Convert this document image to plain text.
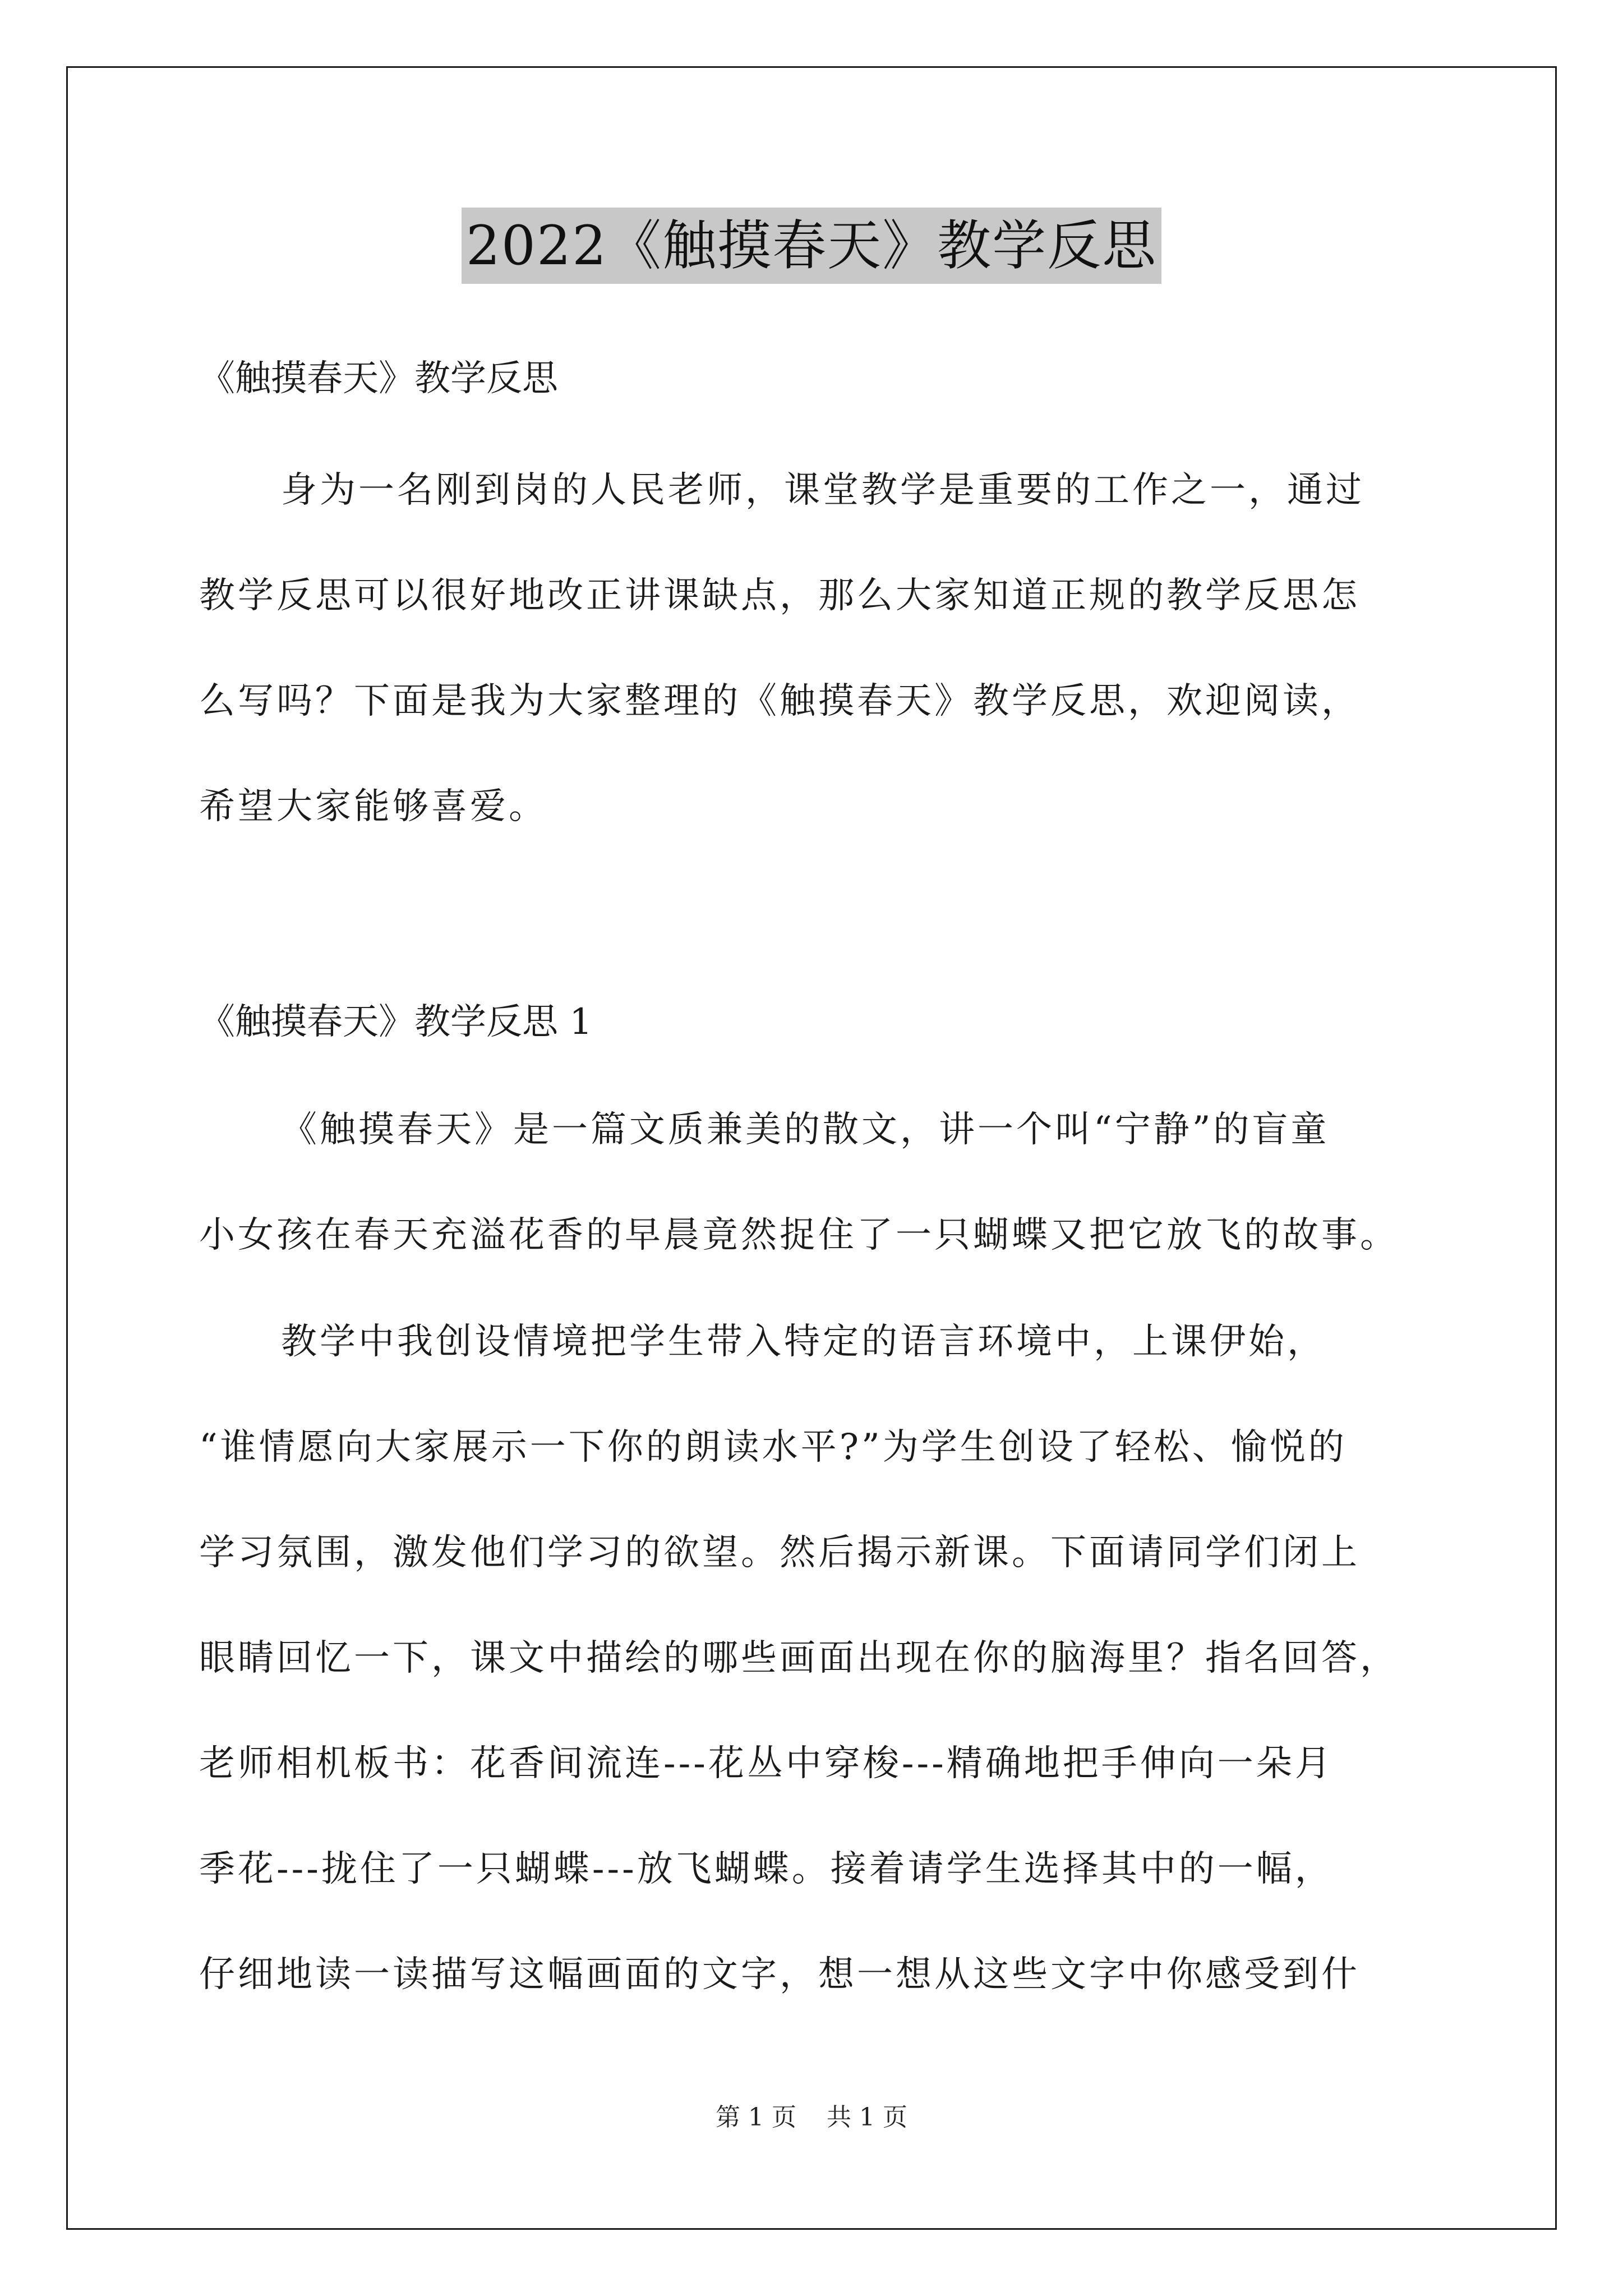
2022《触摸春天》教学反思
《触摸春天》教学反思
身为一名刚到岗的人民老师，课堂教学是重要的工作之一，通过
教学反思可以很好地改正讲课缺点，那么大家知道正规的教学反思怎
么写吗？下面是我为大家整理的《触摸春天》教学反思，欢迎阅读，
希望大家能够喜爱。
《触摸春天》教学反思 1
《触摸春天》是一篇文质兼美的散文，讲一个叫“宁静”的盲童
小女孩在春天充溢花香的早晨竟然捉住了一只蝴蝶又把它放飞的故事。
教学中我创设情境把学生带入特定的语言环境中，上课伊始，
“谁情愿向大家展示一下你的朗读水平?”为学生创设了轻松、愉悦的
学习氛围，激发他们学习的欲望。然后揭示新课。下面请同学们闭上
眼睛回忆一下，课文中描绘的哪些画面出现在你的脑海里？指名回答，
老师相机板书：花香间流连---花丛中穿梭---精确地把手伸向一朵月
季花---拢住了一只蝴蝶---放飞蝴蝶。接着请学生选择其中的一幅，
仔细地读一读描写这幅画面的文字，想一想从这些文字中你感受到什
第 1 页 共 1 页
